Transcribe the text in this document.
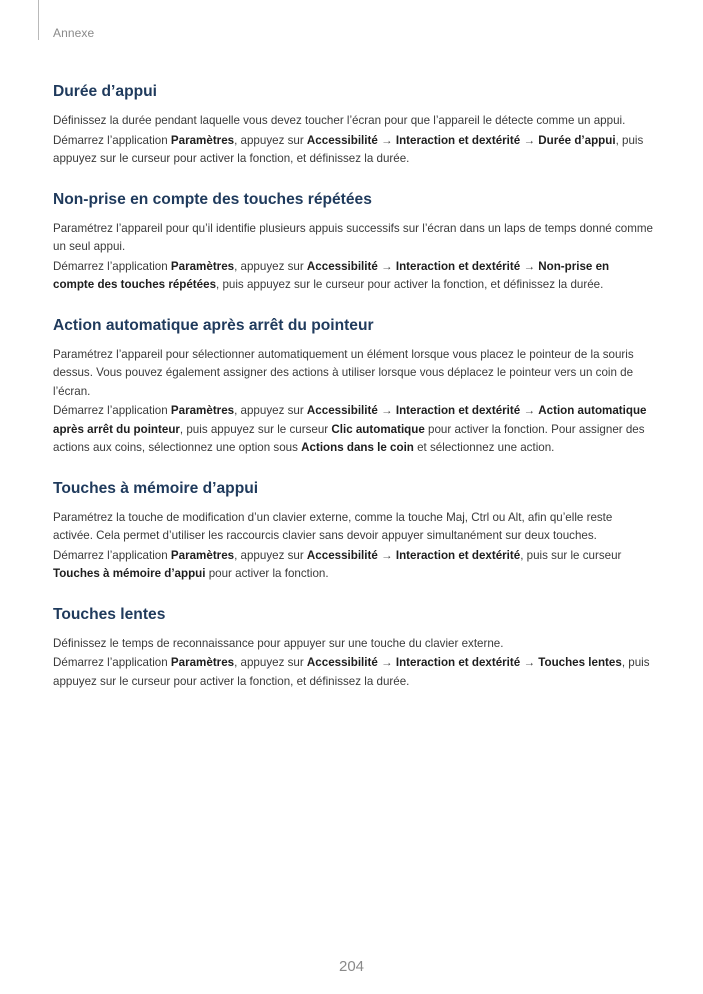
Annexe
Durée d’appui

Définissez la durée pendant laquelle vous devez toucher l’écran pour que l’appareil le détecte comme un appui.

Démarrez l’application Paramètres, appuyez sur Accessibilité → Interaction et dextérité → Durée d’appui, puis appuyez sur le curseur pour activer la fonction, et définissez la durée.

Non-prise en compte des touches répétées

Paramétrez l’appareil pour qu’il identifie plusieurs appuis successifs sur l’écran dans un laps de temps donné comme un seul appui.

Démarrez l’application Paramètres, appuyez sur Accessibilité → Interaction et dextérité → Non-prise en compte des touches répétées, puis appuyez sur le curseur pour activer la fonction, et définissez la durée.

Action automatique après arrêt du pointeur

Paramétrez l’appareil pour sélectionner automatiquement un élément lorsque vous placez le pointeur de la souris dessus. Vous pouvez également assigner des actions à utiliser lorsque vous déplacez le pointeur vers un coin de l’écran.

Démarrez l’application Paramètres, appuyez sur Accessibilité → Interaction et dextérité → Action automatique après arrêt du pointeur, puis appuyez sur le curseur Clic automatique pour activer la fonction. Pour assigner des actions aux coins, sélectionnez une option sous Actions dans le coin et sélectionnez une action.

Touches à mémoire d’appui

Paramétrez la touche de modification d’un clavier externe, comme la touche Maj, Ctrl ou Alt, afin qu’elle reste activée. Cela permet d’utiliser les raccourcis clavier sans devoir appuyer simultanément sur deux touches.

Démarrez l’application Paramètres, appuyez sur Accessibilité → Interaction et dextérité, puis sur le curseur Touches à mémoire d’appui pour activer la fonction.

Touches lentes

Définissez le temps de reconnaissance pour appuyer sur une touche du clavier externe.

Démarrez l’application Paramètres, appuyez sur Accessibilité → Interaction et dextérité → Touches lentes, puis appuyez sur le curseur pour activer la fonction, et définissez la durée.

204
